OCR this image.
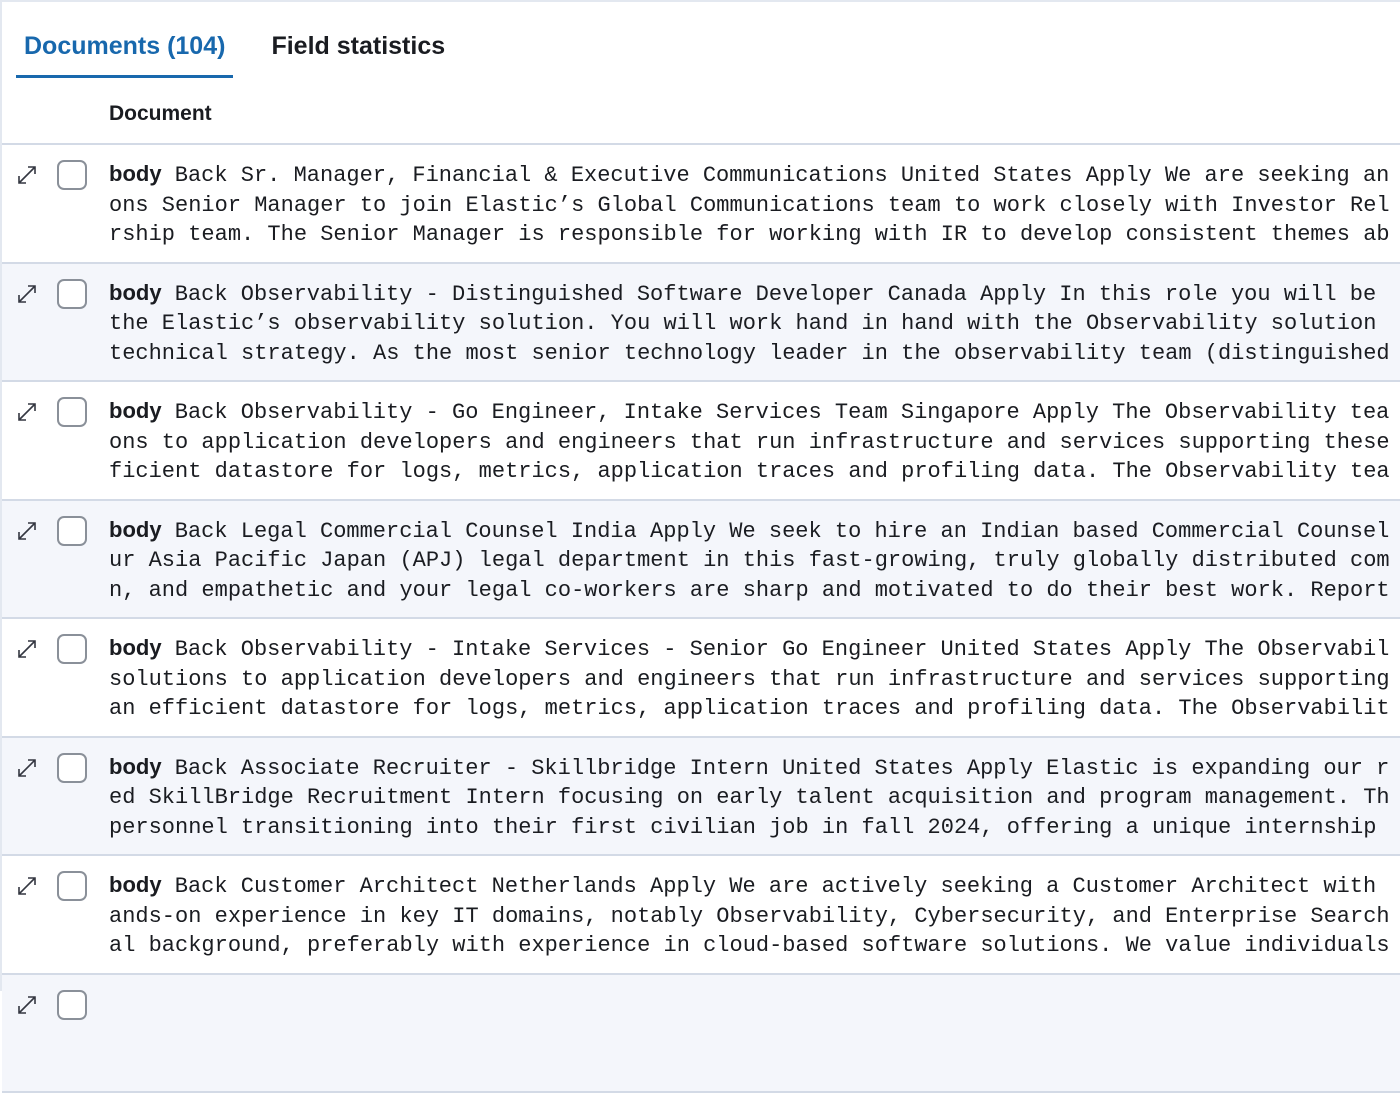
Documents (104)	Field statistics
Document
body Back Sr. Manager, Financial & Executive Communications United States Apply We are seeking an
ons Senior Manager to join Elastic’s Global Communications team to work closely with Investor Rel
rship team. The Senior Manager is responsible for working with IR to develop consistent themes ab
body Back Observability - Distinguished Software Developer Canada Apply In this role you will be
the Elastic’s observability solution. You will work hand in hand with the Observability solution
technical strategy. As the most senior technology leader in the observability team (distinguished
body Back Observability - Go Engineer, Intake Services Team Singapore Apply The Observability tea
ons to application developers and engineers that run infrastructure and services supporting these
ficient datastore for logs, metrics, application traces and profiling data. The Observability tea
body Back Legal Commercial Counsel India Apply We seek to hire an Indian based Commercial Counsel
ur Asia Pacific Japan (APJ) legal department in this fast-growing, truly globally distributed com
n, and empathetic and your legal co-workers are sharp and motivated to do their best work. Report
body Back Observability - Intake Services - Senior Go Engineer United States Apply The Observabil
solutions to application developers and engineers that run infrastructure and services supporting
an efficient datastore for logs, metrics, application traces and profiling data. The Observabilit
body Back Associate Recruiter - Skillbridge Intern United States Apply Elastic is expanding our r
ed SkillBridge Recruitment Intern focusing on early talent acquisition and program management. Th
personnel transitioning into their first civilian job in fall 2024, offering a unique internship
body Back Customer Architect Netherlands Apply We are actively seeking a Customer Architect with
ands-on experience in key IT domains, notably Observability, Cybersecurity, and Enterprise Search
al background, preferably with experience in cloud-based software solutions. We value individuals
